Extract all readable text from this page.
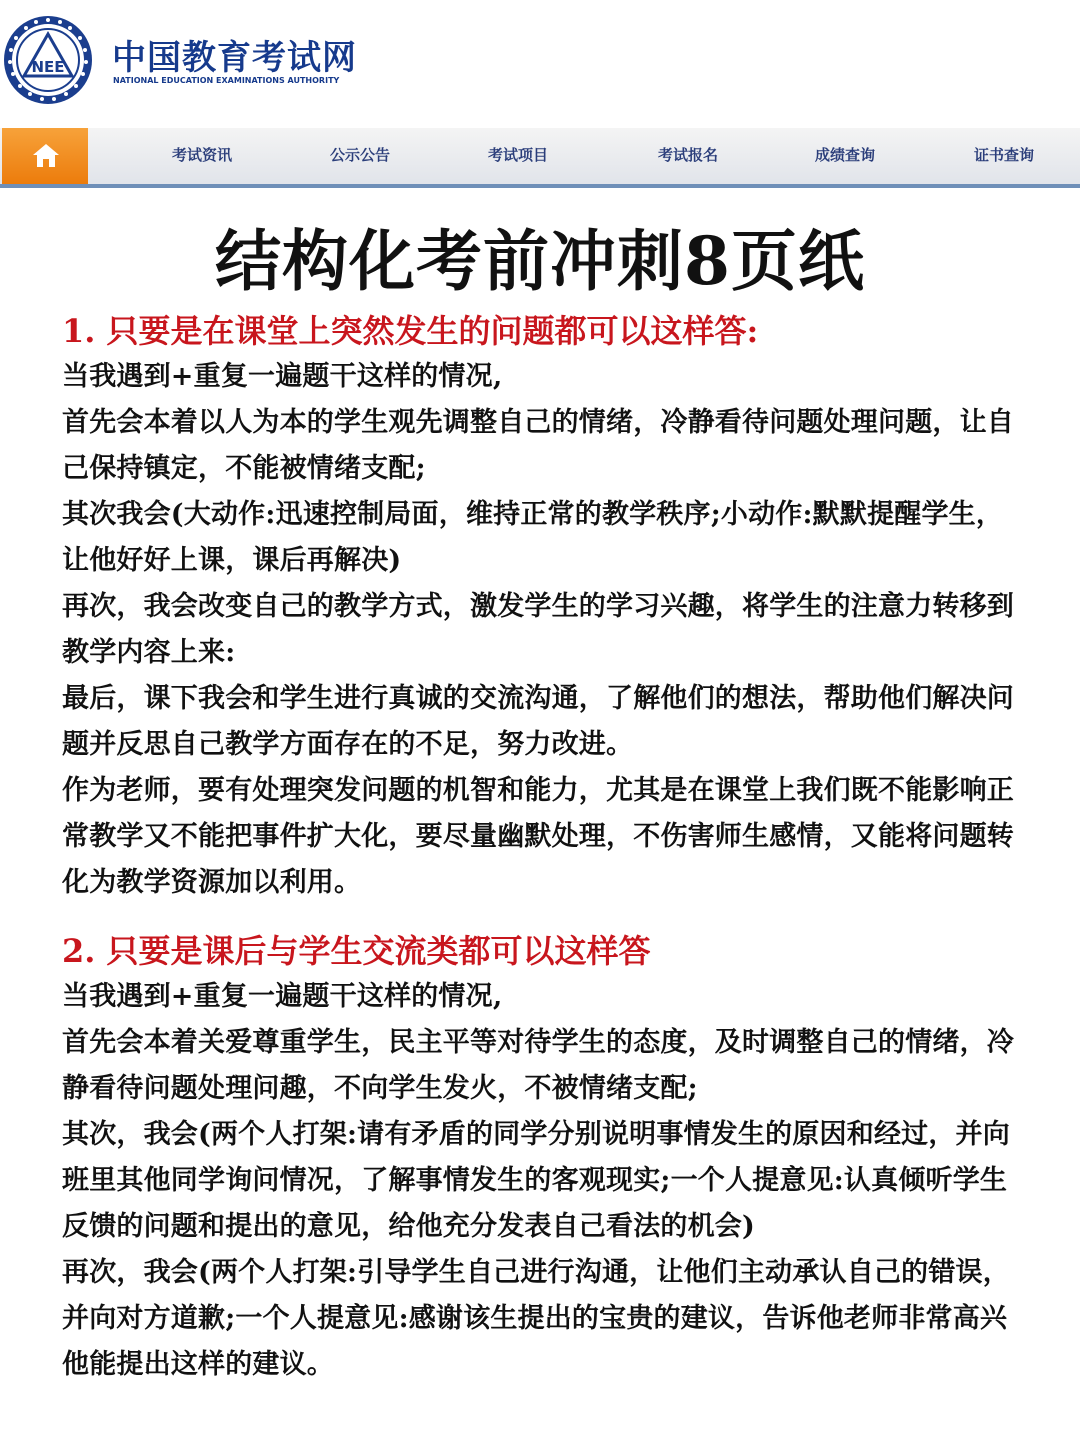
NEE 中国教育考试网
NATIONAL EDUCATION EXAMINATIONS AUTHORITY
考试资讯	公示公告	考试项目	考试报名	成绩查询	证书查询
结构化考前冲刺8页纸

1. 只要是在课堂上突然发生的问题都可以这样答:

当我遇到+重复一遍题干这样的情况,

首先会本着以人为本的学生观先调整自己的情绪，冷静看待问题处理问题，让自己保持镇定，不能被情绪支配;

其次我会(大动作:迅速控制局面，维持正常的教学秩序;小动作:默默提醒学生，让他好好上课，课后再解决)

再次，我会改变自己的教学方式，激发学生的学习兴趣，将学生的注意力转移到教学内容上来:

最后，课下我会和学生进行真诚的交流沟通，了解他们的想法，帮助他们解决问题并反思自己教学方面存在的不足，努力改进。

作为老师，要有处理突发问题的机智和能力，尤其是在课堂上我们既不能影响正常教学又不能把事件扩大化，要尽量幽默处理，不伤害师生感情，又能将问题转化为教学资源加以利用。

2. 只要是课后与学生交流类都可以这样答

当我遇到+重复一遍题干这样的情况,

首先会本着关爱尊重学生，民主平等对待学生的态度，及时调整自己的情绪，冷静看待问题处理问趣，不向学生发火，不被情绪支配;

其次，我会(两个人打架:请有矛盾的同学分别说明事情发生的原因和经过，并向班里其他同学询问情况，了解事情发生的客观现实;一个人提意见:认真倾听学生反馈的问题和提出的意见，给他充分发表自己看法的机会)

再次，我会(两个人打架:引导学生自己进行沟通，让他们主动承认自己的错误，并向对方道歉;一个人提意见:感谢该生提出的宝贵的建议，告诉他老师非常高兴他能提出这样的建议。
